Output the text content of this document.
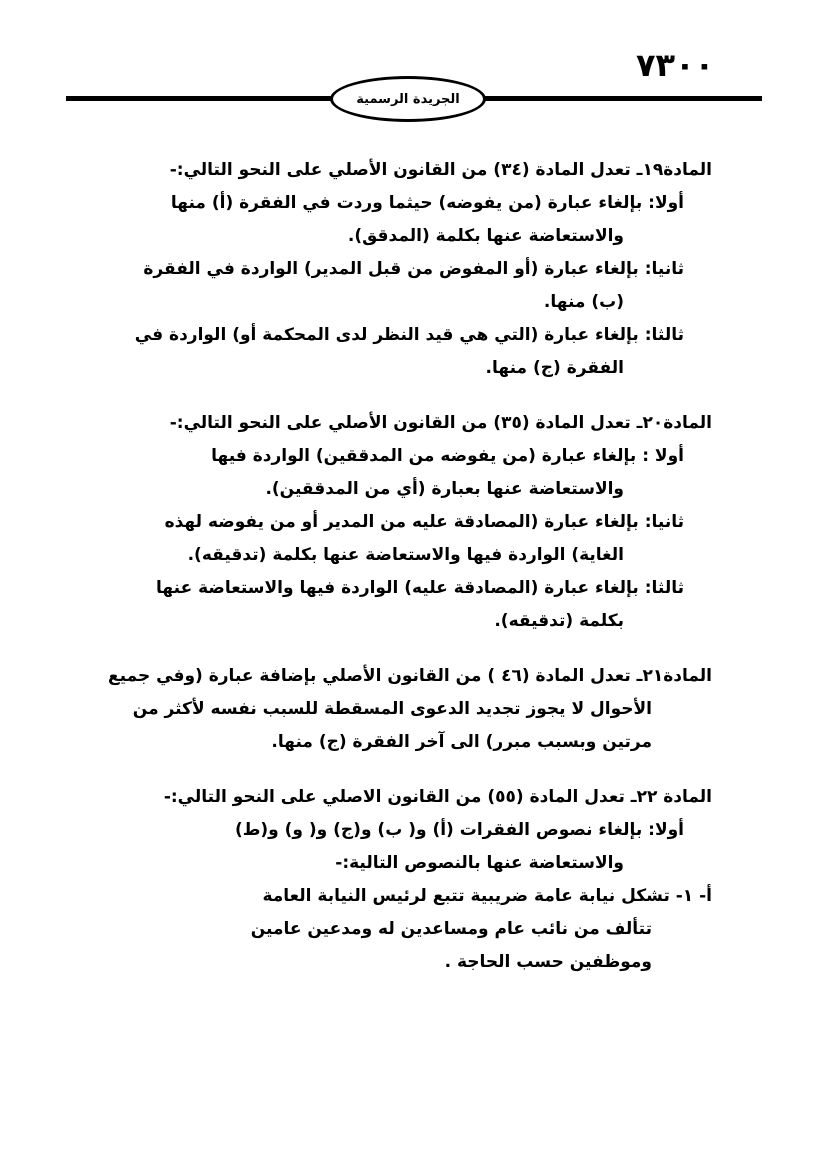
٧٣٠٠
الجريدة الرسمية
المادة١٩ـ تعدل المادة (٣٤) من القانون الأصلي على النحو التالي:-
أولا: بإلغاء عبارة (من يفوضه) حيثما وردت في الفقرة (أ) منها
والاستعاضة عنها بكلمة (المدقق).
ثانيا: بإلغاء عبارة (أو المفوض من قبل المدير) الواردة في الفقرة
(ب) منها.
ثالثا: بإلغاء عبارة (التي هي قيد النظر لدى المحكمة أو) الواردة في
الفقرة (ج) منها.
المادة٢٠ـ تعدل المادة (٣٥) من القانون الأصلي على النحو التالي:-
أولا : بإلغاء عبارة (من يفوضه من المدققين) الواردة فيها
والاستعاضة عنها بعبارة (أي من المدققين).
ثانيا: بإلغاء عبارة (المصادقة عليه من المدير أو من يفوضه لهذه
الغاية) الواردة فيها والاستعاضة عنها بكلمة (تدقيقه).
ثالثا: بإلغاء عبارة (المصادقة عليه) الواردة فيها والاستعاضة عنها
بكلمة (تدقيقه).
المادة٢١ـ تعدل المادة (٤٦ ) من القانون الأصلي بإضافة عبارة (وفي جميع
الأحوال لا يجوز تجديد الدعوى المسقطة للسبب نفسه لأكثر من
مرتين وبسبب مبرر) الى آخر الفقرة (ج) منها.
المادة ٢٢ـ تعدل المادة (٥٥) من القانون الاصلي على النحو التالي:-
أولا: بإلغاء نصوص الفقرات (أ) و( ب) و(ج) و( و) و(ط)
والاستعاضة عنها بالنصوص التالية:-
أ- ١- تشكل نيابة عامة ضريبية تتبع لرئيس النيابة العامة
تتألف من نائب عام ومساعدين له ومدعين عامين
وموظفين حسب الحاجة .
